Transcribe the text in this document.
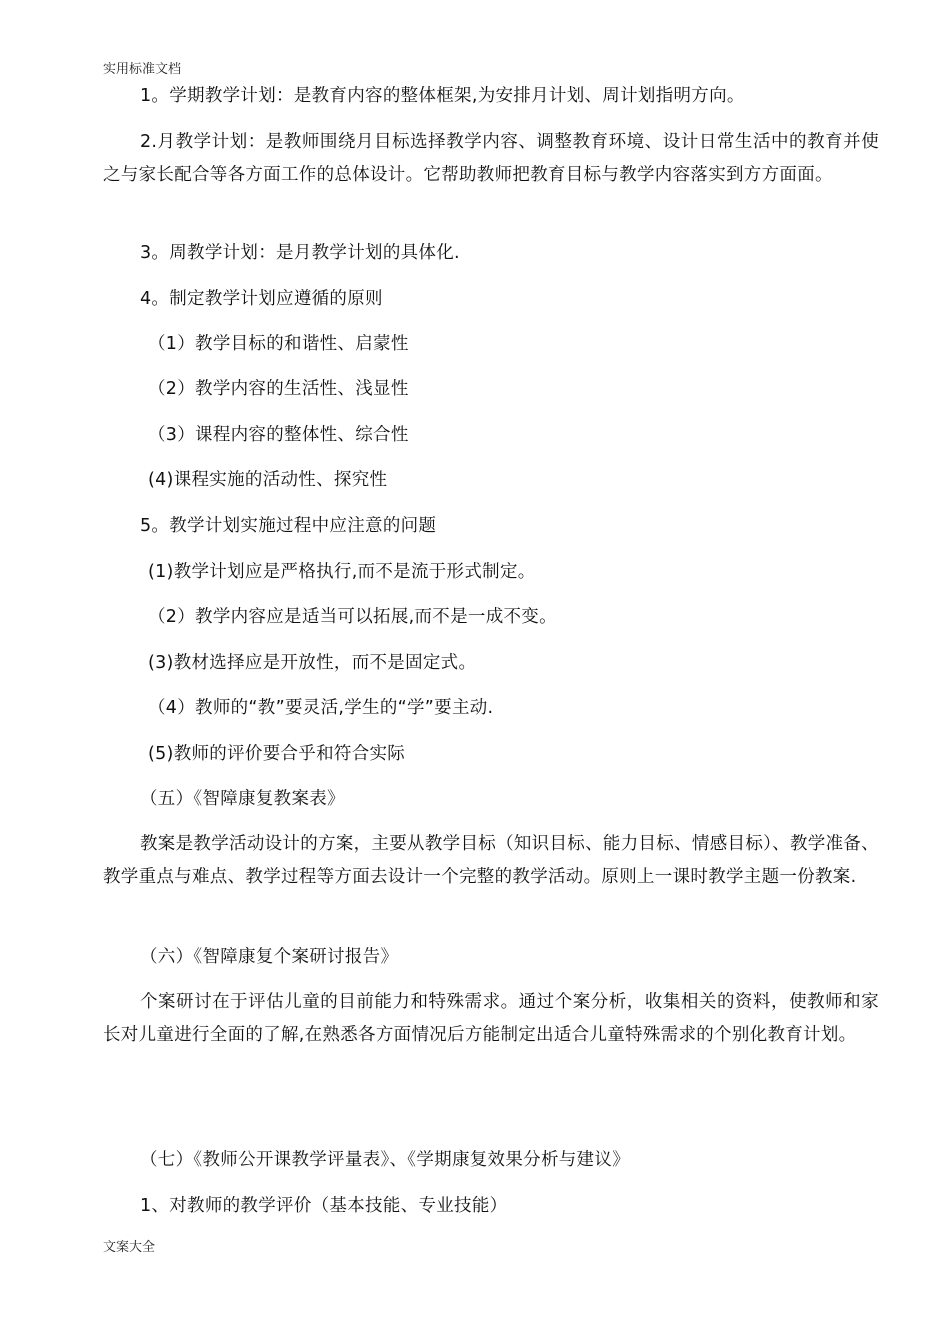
实用标准文档
1。学期教学计划：是教育内容的整体框架,为安排月计划、周计划指明方向。
2.月教学计划：是教师围绕月目标选择教学内容、调整教育环境、设计日常生活中的教育并使之与家长配合等各方面工作的总体设计。它帮助教师把教育目标与教学内容落实到方方面面。
3。周教学计划：是月教学计划的具体化.
4。制定教学计划应遵循的原则
（1）教学目标的和谐性、启蒙性
（2）教学内容的生活性、浅显性
（3）课程内容的整体性、综合性
(4)课程实施的活动性、探究性
5。教学计划实施过程中应注意的问题
(1)教学计划应是严格执行,而不是流于形式制定。
（2）教学内容应是适当可以拓展,而不是一成不变。
(3)教材选择应是开放性，而不是固定式。
（4）教师的“教”要灵活,学生的“学”要主动.
(5)教师的评价要合乎和符合实际
（五）《智障康复教案表》
教案是教学活动设计的方案，主要从教学目标（知识目标、能力目标、情感目标）、教学准备、教学重点与难点、教学过程等方面去设计一个完整的教学活动。原则上一课时教学主题一份教案.
（六）《智障康复个案研讨报告》
个案研讨在于评估儿童的目前能力和特殊需求。通过个案分析，收集相关的资料，使教师和家长对儿童进行全面的了解,在熟悉各方面情况后方能制定出适合儿童特殊需求的个别化教育计划。
（七）《教师公开课教学评量表》、《学期康复效果分析与建议》
1、对教师的教学评价（基本技能、专业技能）
文案大全
